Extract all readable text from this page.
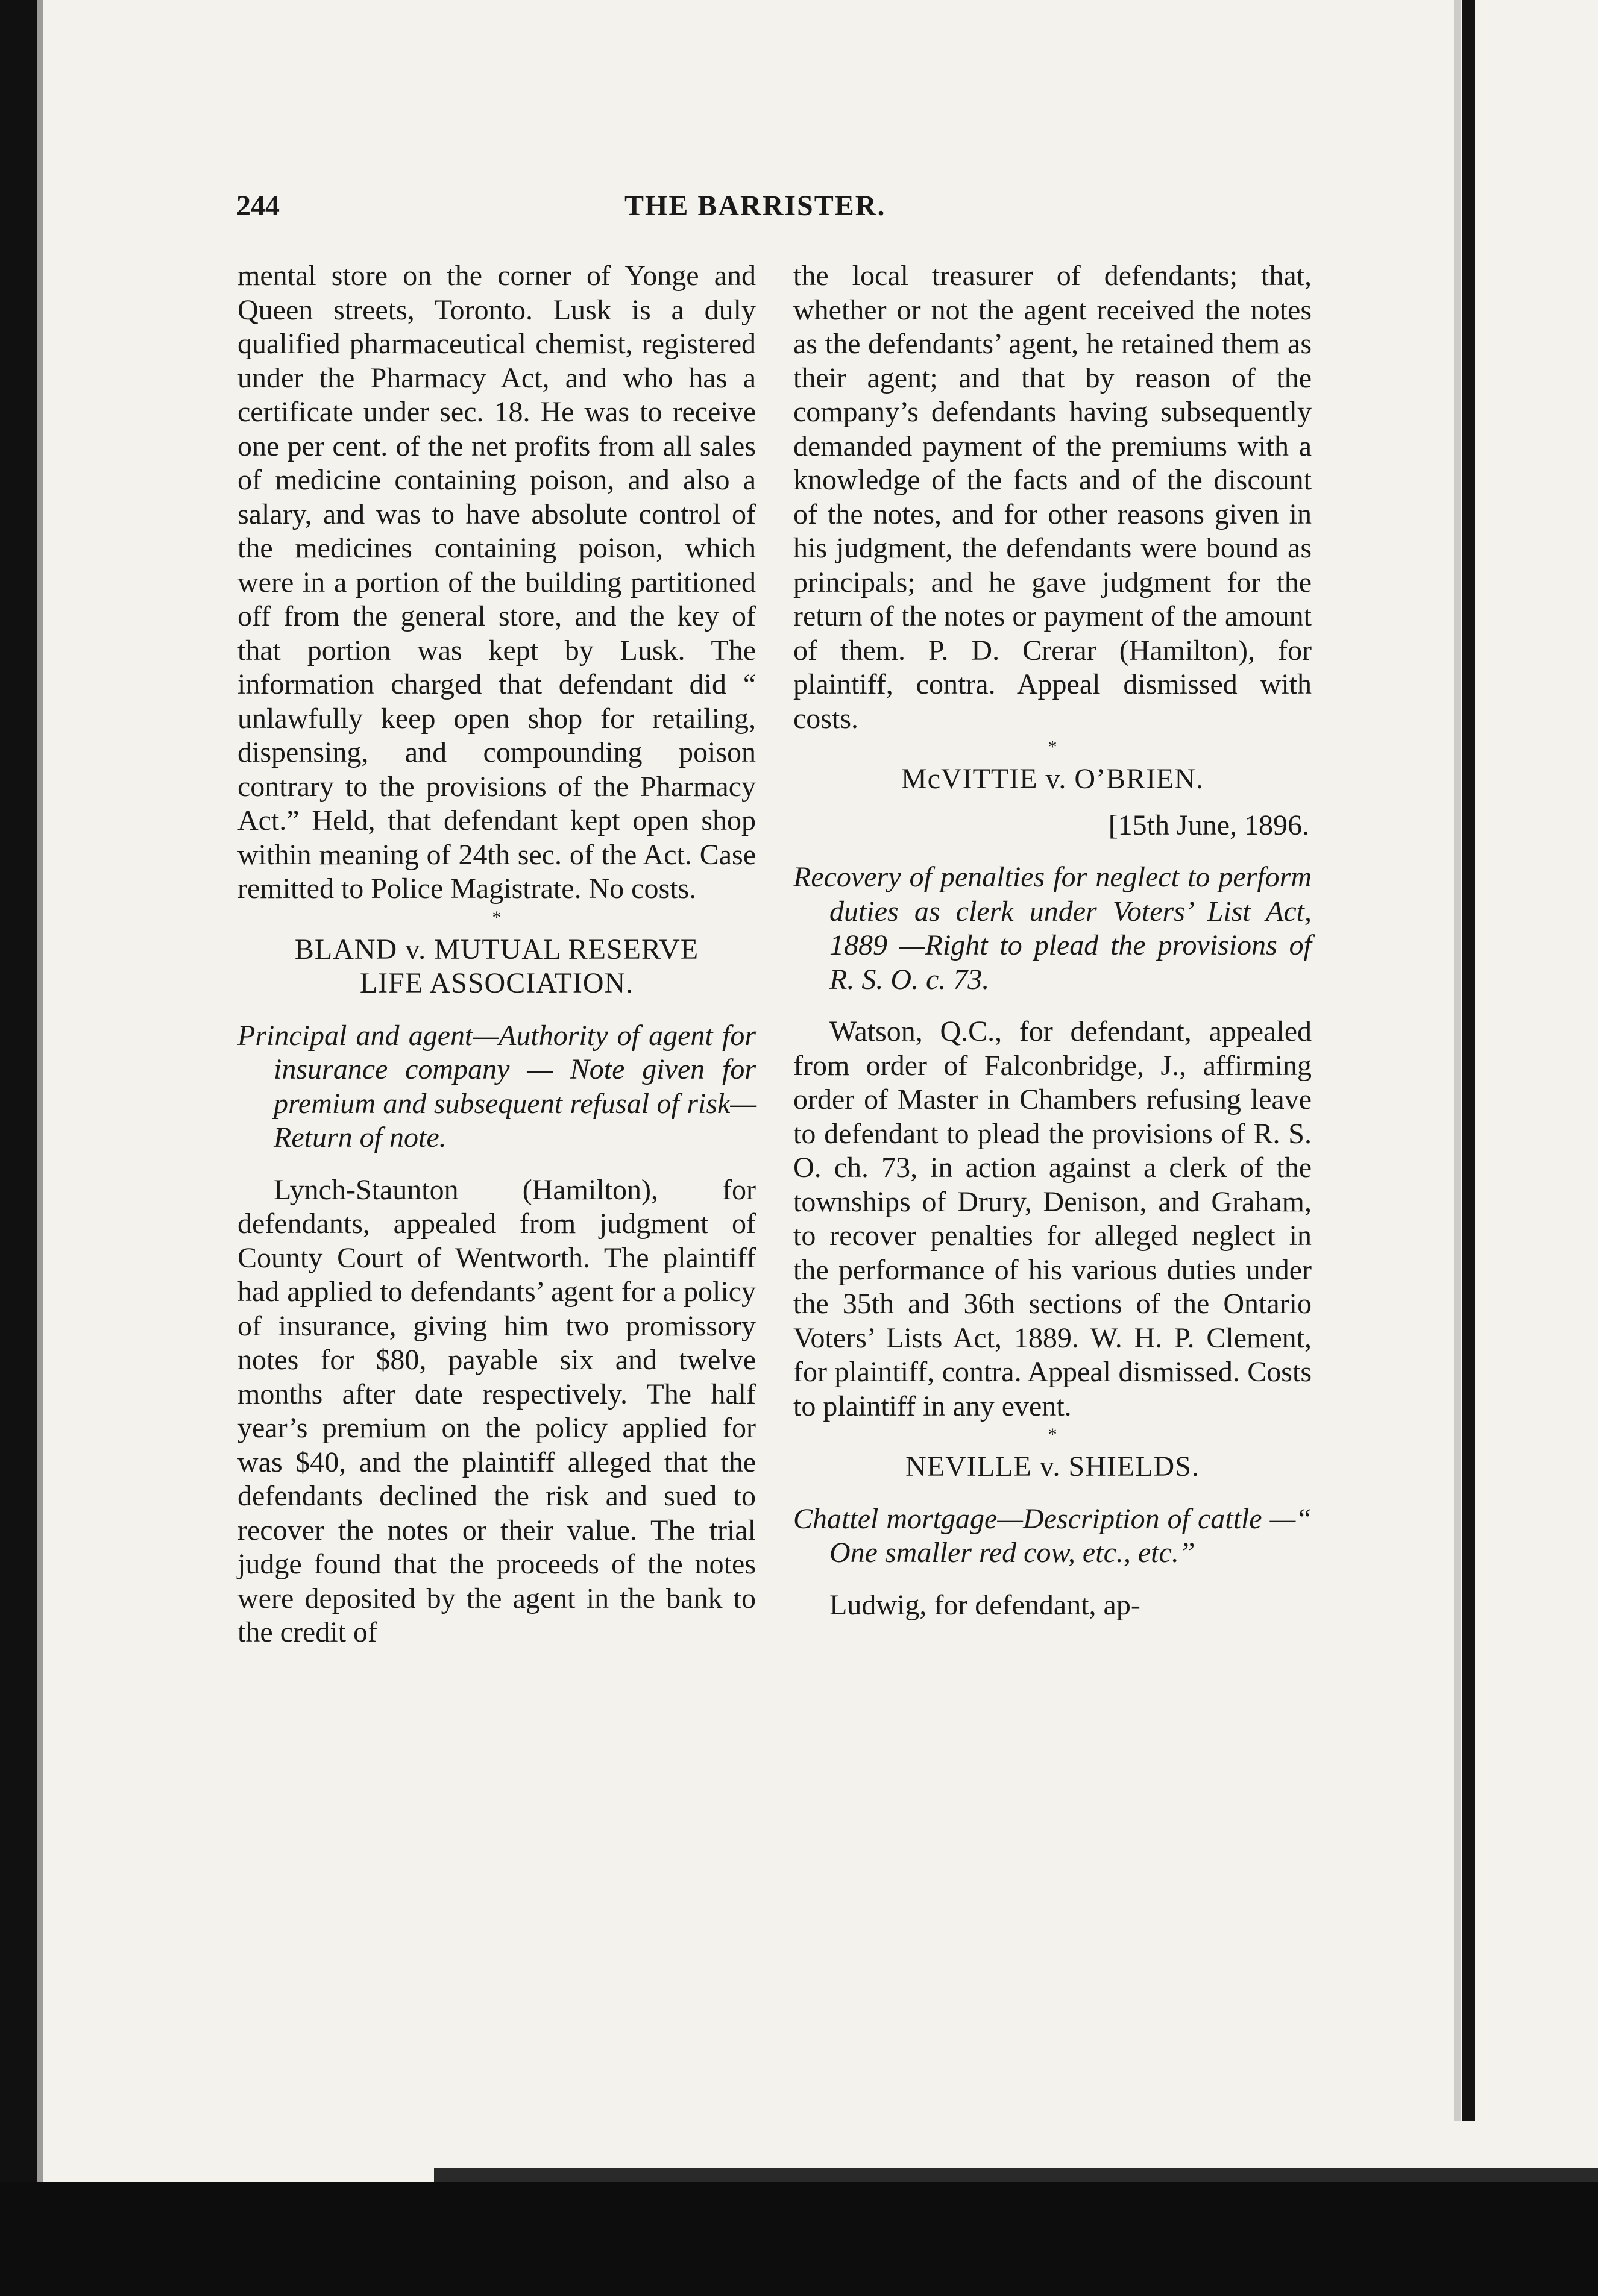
244	THE BARRISTER.

mental store on the corner of Yonge and Queen streets, Toronto. Lusk is a duly qualified pharmaceutical chemist, registered under the Pharmacy Act, and who has a certificate under sec. 18. He was to receive one per cent. of the net profits from all sales of medicine containing poison, and also a salary, and was to have absolute control of the medicines containing poison, which were in a portion of the building partitioned off from the general store, and the key of that portion was kept by Lusk. The information charged that defendant did “ unlawfully keep open shop for retailing, dispensing, and compounding poison contrary to the provisions of the Pharmacy Act.” Held, that defendant kept open shop within meaning of 24th sec. of the Act. Case remitted to Police Magistrate. No costs.

*
BLAND v. MUTUAL RESERVE
LIFE ASSOCIATION.

Principal and agent—Authority of agent for insurance company — Note given for premium and subsequent refusal of risk—Return of note.

Lynch-Staunton (Hamilton), for defendants, appealed from judgment of County Court of Wentworth. The plaintiff had applied to defendants’ agent for a policy of insurance, giving him two promissory notes for $80, payable six and twelve months after date respectively. The half year’s premium on the policy applied for was $40, and the plaintiff alleged that the defendants declined the risk and sued to recover the notes or their value. The trial judge found that the proceeds of the notes were deposited by the agent in the bank to the credit of

the local treasurer of defendants; that, whether or not the agent received the notes as the defendants’ agent, he retained them as their agent; and that by reason of the company’s defendants having subsequently demanded payment of the premiums with a knowledge of the facts and of the discount of the notes, and for other reasons given in his judgment, the defendants were bound as principals; and he gave judgment for the return of the notes or payment of the amount of them. P. D. Crerar (Hamilton), for plaintiff, contra. Appeal dismissed with costs.

*
McVITTIE v. O’BRIEN.
[15th June, 1896.

Recovery of penalties for neglect to perform duties as clerk under Voters’ List Act, 1889 —Right to plead the provisions of R. S. O. c. 73.

Watson, Q.C., for defendant, appealed from order of Falconbridge, J., affirming order of Master in Chambers refusing leave to defendant to plead the provisions of R. S. O. ch. 73, in action against a clerk of the townships of Drury, Denison, and Graham, to recover penalties for alleged neglect in the performance of his various duties under the 35th and 36th sections of the Ontario Voters’ Lists Act, 1889. W. H. P. Clement, for plaintiff, contra. Appeal dismissed. Costs to plaintiff in any event.

*
NEVILLE v. SHIELDS.

Chattel mortgage—Description of cattle —“ One smaller red cow, etc., etc.”

Ludwig, for defendant, ap-
